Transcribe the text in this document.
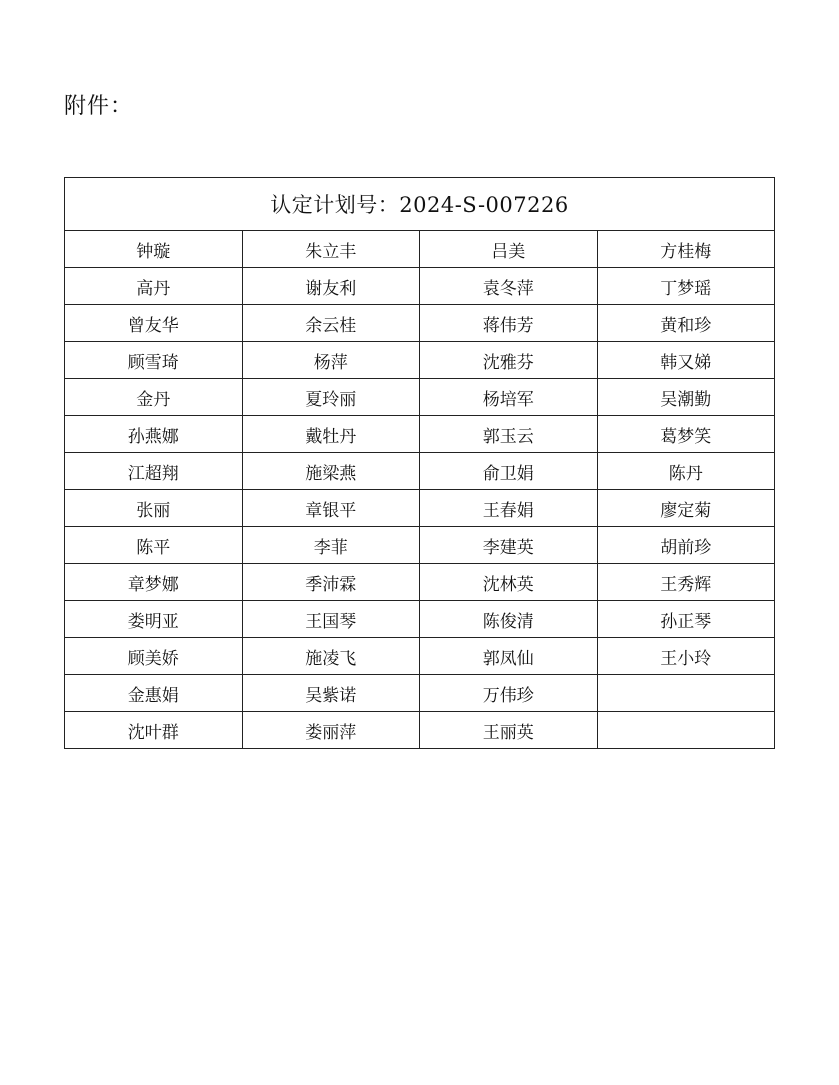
附件：
认定计划号：2024-S-007226			
钟璇	朱立丰	吕美	方桂梅
高丹	谢友利	袁冬萍	丁梦瑶
曾友华	余云桂	蒋伟芳	黄和珍
顾雪琦	杨萍	沈雅芬	韩又娣
金丹	夏玲丽	杨培军	吴潮勤
孙燕娜	戴牡丹	郭玉云	葛梦笑
江超翔	施梁燕	俞卫娟	陈丹
张丽	章银平	王春娟	廖定菊
陈平	李菲	李建英	胡前珍
章梦娜	季沛霖	沈林英	王秀辉
娄明亚	王国琴	陈俊清	孙正琴
顾美娇	施凌飞	郭凤仙	王小玲
金惠娟	吴紫诺	万伟珍	
沈叶群	娄丽萍	王丽英	
